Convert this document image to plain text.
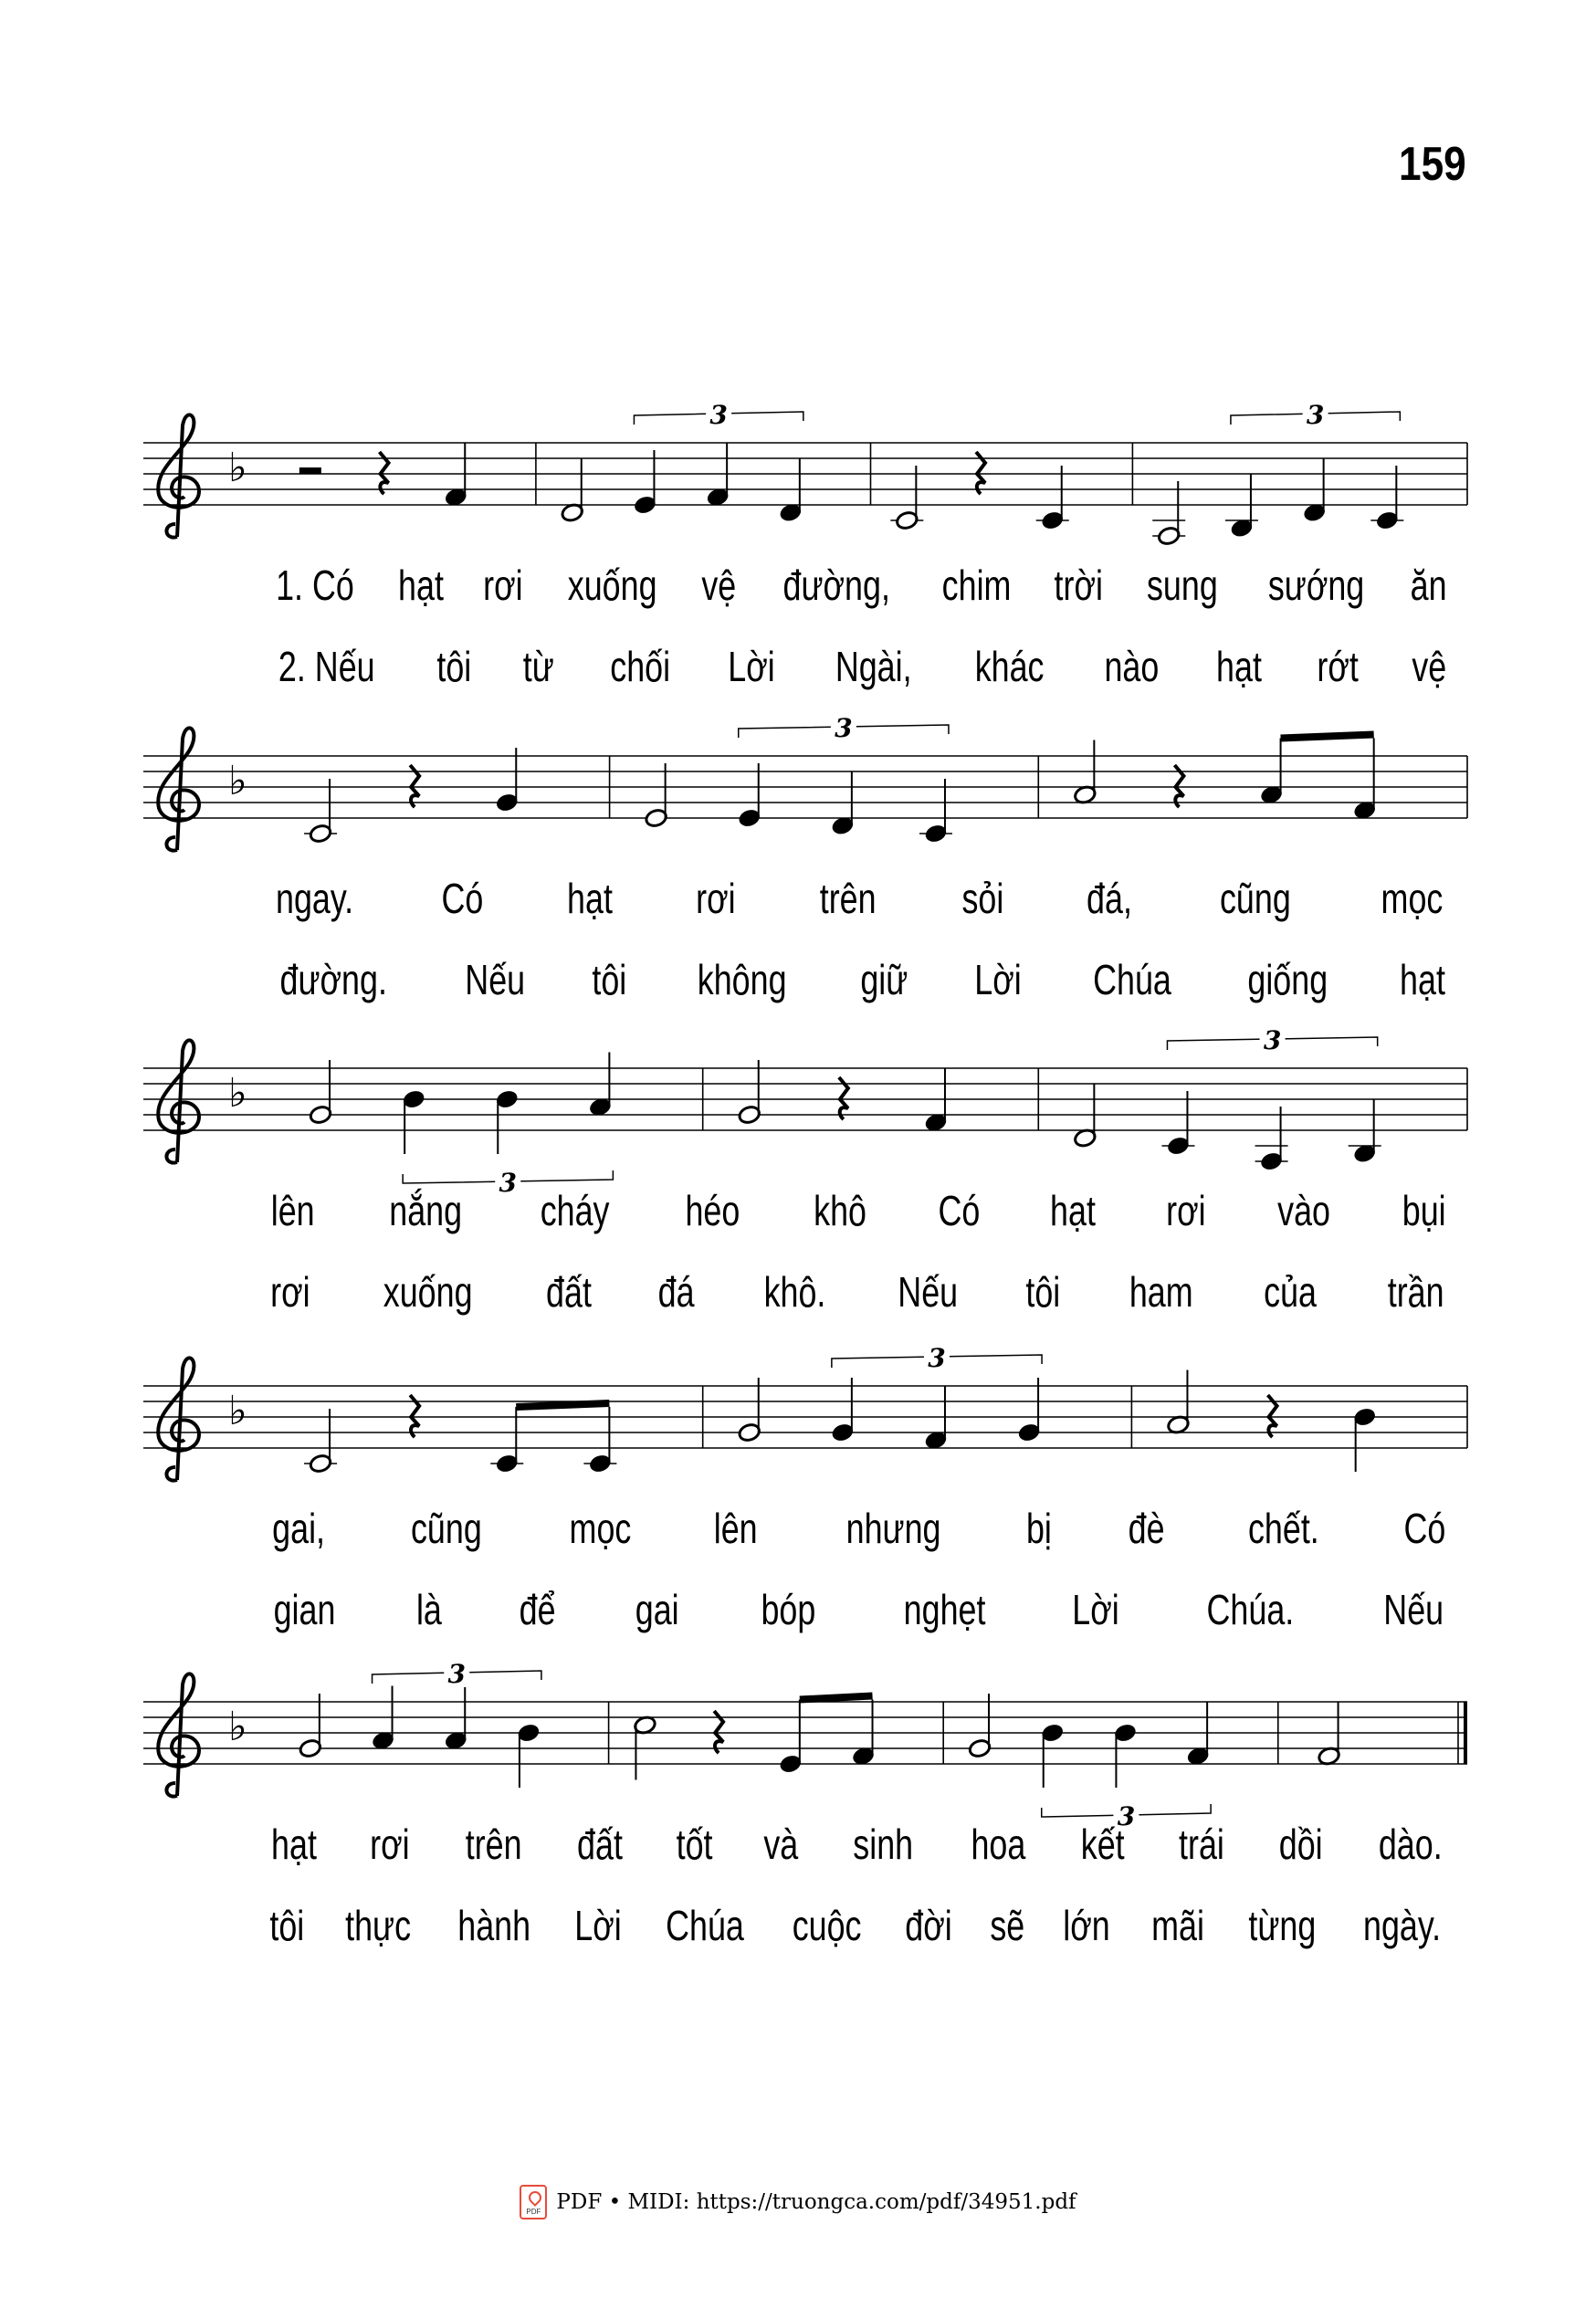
159
♭
3	3
♭
3
♭
3
3
♭
3
♭
3
3
1. Có hạt rơi xuống vệ đường, chim trời sung sướng ăn
2. Nếu tôi từ chối Lời Ngài, khác nào hạt rớt vệ
ngay. Có hạt rơi trên sỏi đá, cũng mọc
đường. Nếu tôi không giữ Lời Chúa giống hạt
lên nắng cháy héo khô Có hạt rơi vào bụi
rơi xuống đất đá khô. Nếu tôi ham của trần
gai, cũng mọc lên nhưng bị đè chết. Có
gian là để gai bóp nghẹt Lời Chúa. Nếu
hạt rơi trên đất tốt và sinh hoa kết trái dồi dào.
tôi thực hành Lời Chúa cuộc đời sẽ lớn mãi từng ngày.
PDF PDF • MIDI: https://truongca.com/pdf/34951.pdf
